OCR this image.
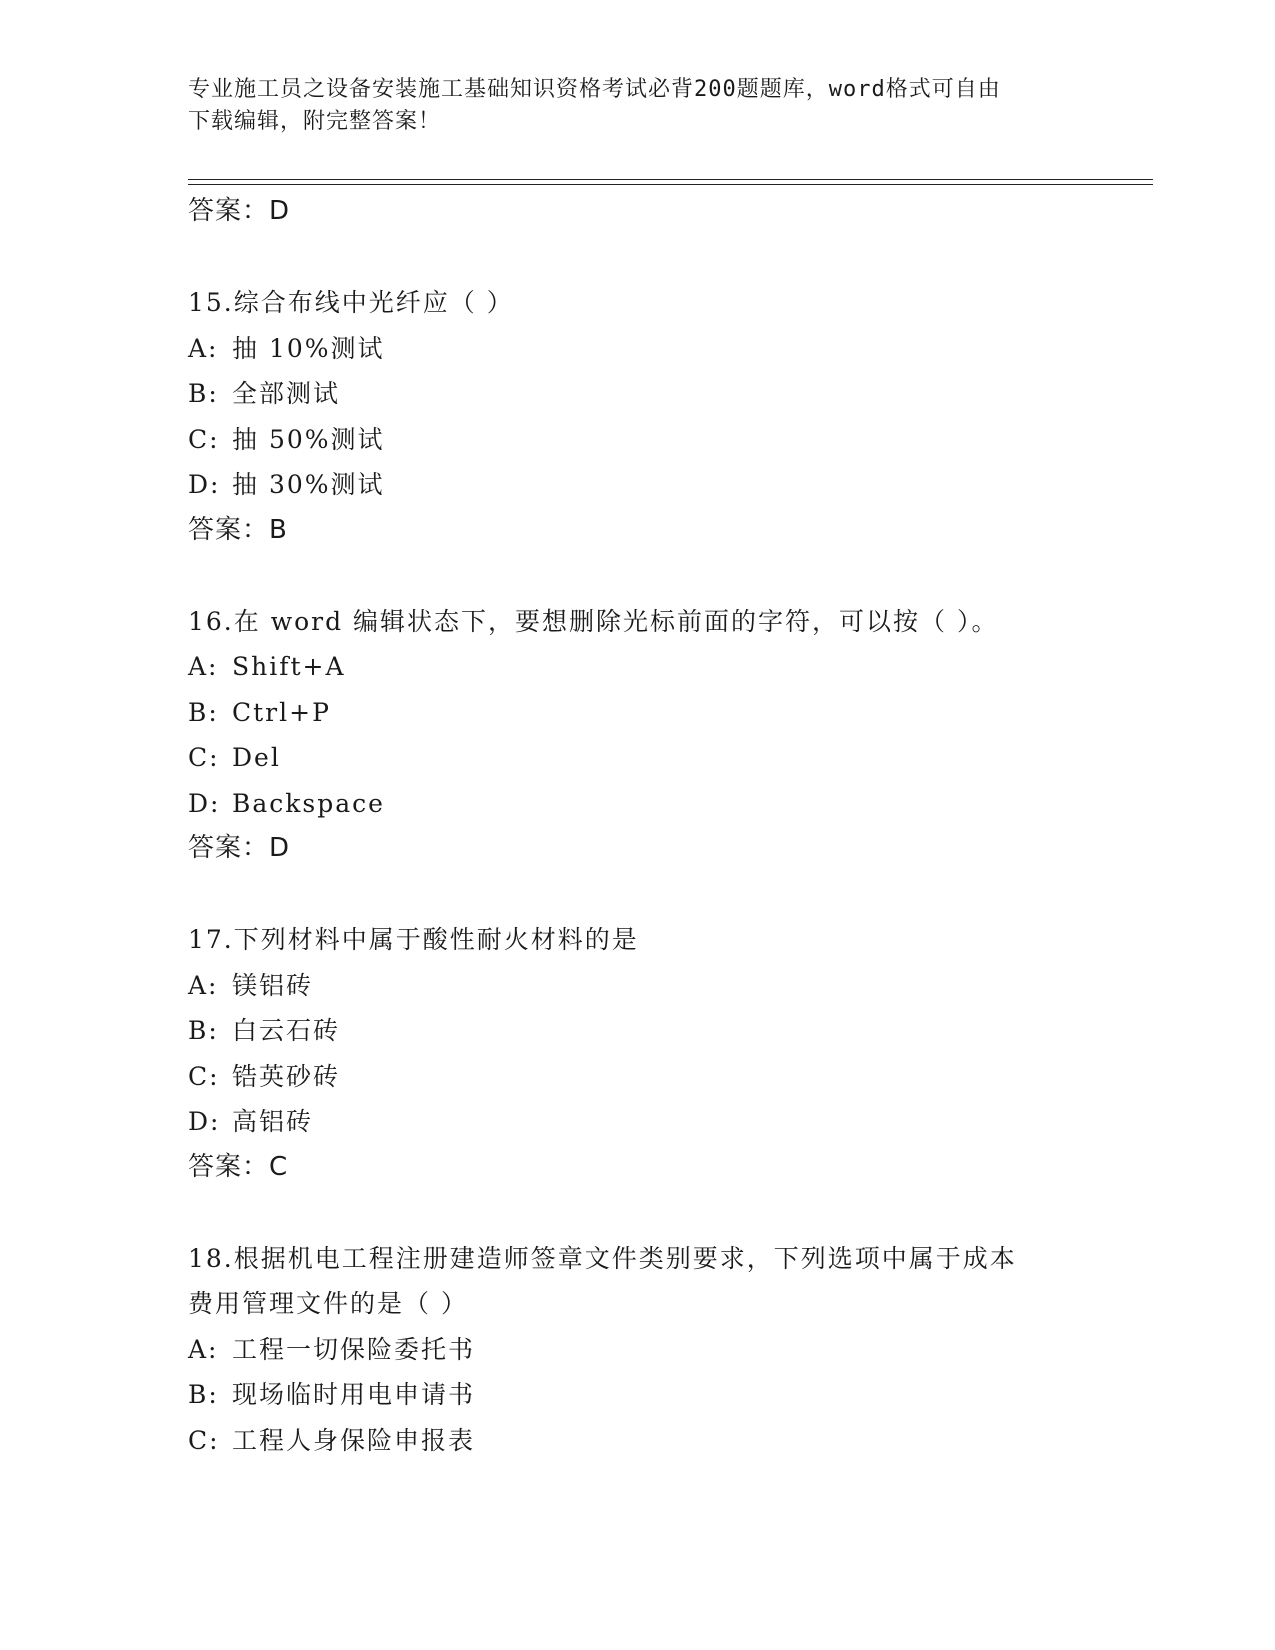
专业施工员之设备安装施工基础知识资格考试必背200题题库，word格式可自由
下载编辑，附完整答案！
答案：D
15.综合布线中光纤应（ ）
A: 抽 10%测试
B: 全部测试
C: 抽 50%测试
D: 抽 30%测试
答案：B
16.在 word 编辑状态下，要想删除光标前面的字符，可以按（ ）。
A: Shift+A
B: Ctrl+P
C: Del
D: Backspace
答案：D
17.下列材料中属于酸性耐火材料的是
A: 镁铝砖
B: 白云石砖
C: 锆英砂砖
D: 高铝砖
答案：C
18.根据机电工程注册建造师签章文件类别要求，下列选项中属于成本
费用管理文件的是（ ）
A: 工程一切保险委托书
B: 现场临时用电申请书
C: 工程人身保险申报表
